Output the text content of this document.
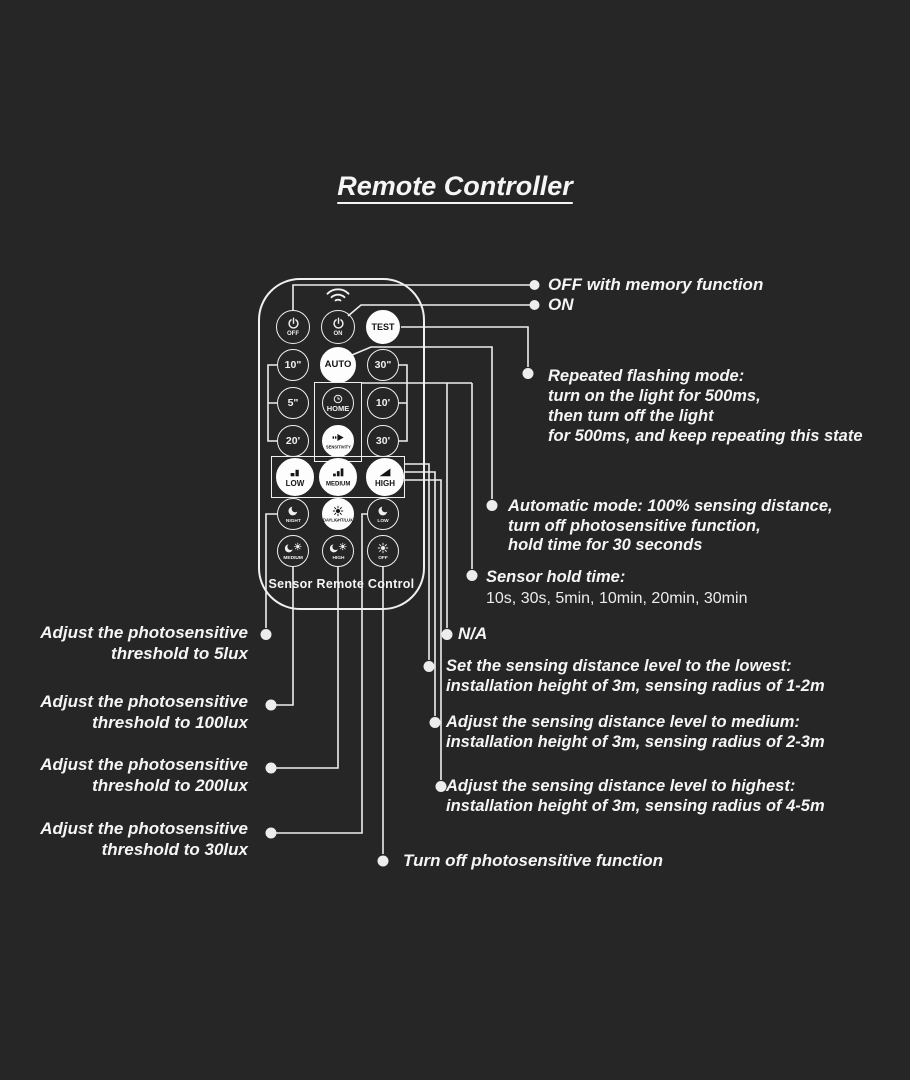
Remote Controller
OFF	ON
TEST
10" AUTO 30"
5"	HOME	10'
20'
SENSITIVITY
30'
LOW	MEDIUM	HIGH
NIGHT	DAYLIGHT/LUX	LOW
MEDIUM	HIGH	OFF
Sensor Remote Control
OFF with memory function
ON
Repeated flashing mode:
turn on the light for 500ms,
then turn off the light
for 500ms, and keep repeating this state
Automatic mode: 100% sensing distance,
turn off photosensitive function,
hold time for 30 seconds
Sensor hold time:
10s, 30s, 5min, 10min, 20min, 30min
N/A
Set the sensing distance level to the lowest:
installation height of 3m, sensing radius of 1-2m
Adjust the sensing distance level to medium:
installation height of 3m, sensing radius of 2-3m
Adjust the sensing distance level to highest:
installation height of 3m, sensing radius of 4-5m
Adjust the photosensitive
threshold to 5lux
Adjust the photosensitive
threshold to 100lux
Adjust the photosensitive
threshold to 200lux
Adjust the photosensitive
threshold to 30lux
Turn off photosensitive function
